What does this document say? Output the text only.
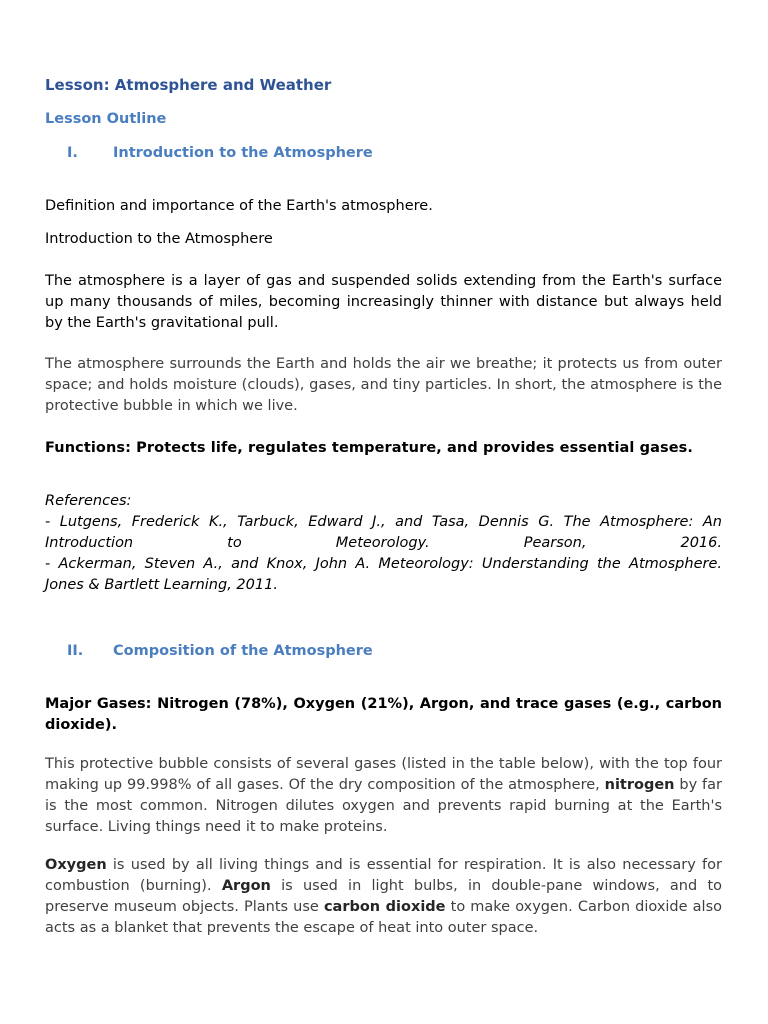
Lesson: Atmosphere and Weather
Lesson Outline
I. Introduction to the Atmosphere

Definition and importance of the Earth's atmosphere.

Introduction to the Atmosphere

The atmosphere is a layer of gas and suspended solids extending from the Earth's surface up many thousands of miles, becoming increasingly thinner with distance but always held by the Earth's gravitational pull.

The atmosphere surrounds the Earth and holds the air we breathe; it protects us from outer space; and holds moisture (clouds), gases, and tiny particles. In short, the atmosphere is the protective bubble in which we live.

Functions: Protects life, regulates temperature, and provides essential gases.

References:
- Lutgens, Frederick K., Tarbuck, Edward J., and Tasa, Dennis G. The Atmosphere: An
Introduction to Meteorology. Pearson, 2016.
- Ackerman, Steven A., and Knox, John A. Meteorology: Understanding the Atmosphere.
Jones & Bartlett Learning, 2011.
II. Composition of the Atmosphere

Major Gases: Nitrogen (78%), Oxygen (21%), Argon, and trace gases (e.g., carbon dioxide).

This protective bubble consists of several gases (listed in the table below), with the top four making up 99.998% of all gases. Of the dry composition of the atmosphere, nitrogen by far is the most common. Nitrogen dilutes oxygen and prevents rapid burning at the Earth's surface. Living things need it to make proteins.

Oxygen is used by all living things and is essential for respiration. It is also necessary for combustion (burning). Argon is used in light bulbs, in double-pane windows, and to preserve museum objects. Plants use carbon dioxide to make oxygen. Carbon dioxide also acts as a blanket that prevents the escape of heat into outer space.
